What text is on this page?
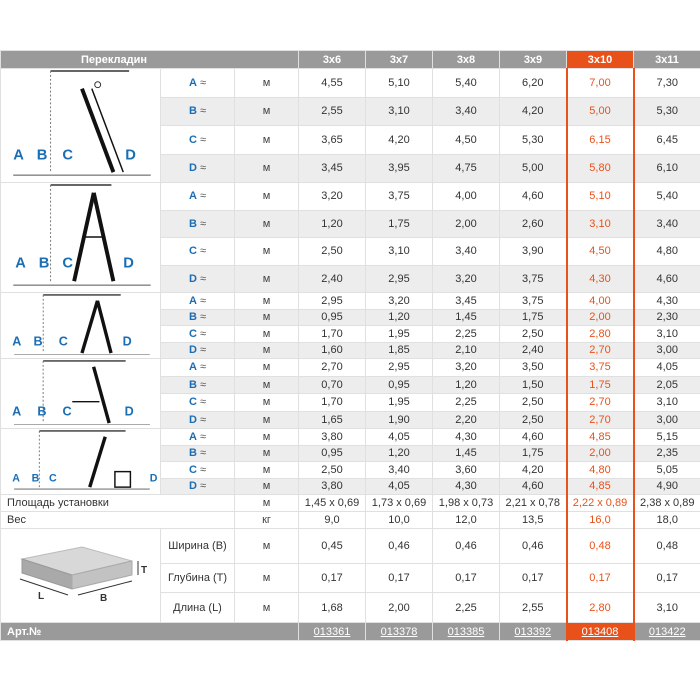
Перекладин			3x6	3x7	3x8	3x9	3x10	3x11

A B C D	A ≈	м	4,55	5,10	5,40	6,20	7,00	7,30
	B ≈	м	2,55	3,10	3,40	4,20	5,00	5,30
	C ≈	м	3,65	4,20	4,50	5,30	6,15	6,45
	D ≈	м	3,45	3,95	4,75	5,00	5,80	6,10

A B C D	A ≈	м	3,20	3,75	4,00	4,60	5,10	5,40
	B ≈	м	1,20	1,75	2,00	2,60	3,10	3,40
	C ≈	м	2,50	3,10	3,40	3,90	4,50	4,80
	D ≈	м	2,40	2,95	3,20	3,75	4,30	4,60

A B C D	A ≈	м	2,95	3,20	3,45	3,75	4,00	4,30
	B ≈	м	0,95	1,20	1,45	1,75	2,00	2,30
	C ≈	м	1,70	1,95	2,25	2,50	2,80	3,10
	D ≈	м	1,60	1,85	2,10	2,40	2,70	3,00

A B C D	A ≈	м	2,70	2,95	3,20	3,50	3,75	4,05
	B ≈	м	0,70	0,95	1,20	1,50	1,75	2,05
	C ≈	м	1,70	1,95	2,25	2,50	2,70	3,10
	D ≈	м	1,65	1,90	2,20	2,50	2,70	3,00

A B C D	A ≈	м	3,80	4,05	4,30	4,60	4,85	5,15
	B ≈	м	0,95	1,20	1,45	1,75	2,00	2,35
	C ≈	м	2,50	3,40	3,60	4,20	4,80	5,05
	D ≈	м	3,80	4,05	4,30	4,60	4,85	4,90
Площадь установки		м	1,45 x 0,69	1,73 x 0,69	1,98 x 0,73	2,21 x 0,78	2,22 x 0,89	2,38 x 0,89
Вес		кг	9,0	10,0	12,0	13,5	16,0	18,0

T
L B	Ширина (B)	м	0,45	0,46	0,46	0,46	0,48	0,48
	Глубина (T)	м	0,17	0,17	0,17	0,17	0,17	0,17
	Длина (L)	м	1,68	2,00	2,25	2,55	2,80	3,10
Арт.№			013361	013378	013385	013392	013408	013422
